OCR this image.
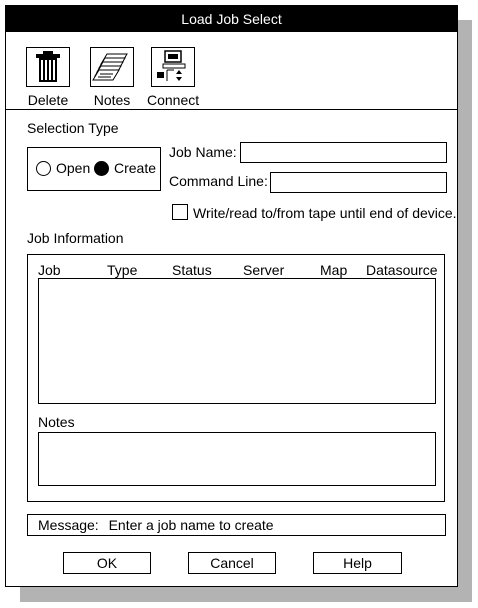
Load Job Select
Delete Notes Connect
Selection Type
Open Create
Job Name:
Command Line:
Write/read to/from tape until end of device.
Job Information
Job	Type Status Server	Map Datasource
Notes
Message: Enter a job name to create
OK	Cancel	Help
